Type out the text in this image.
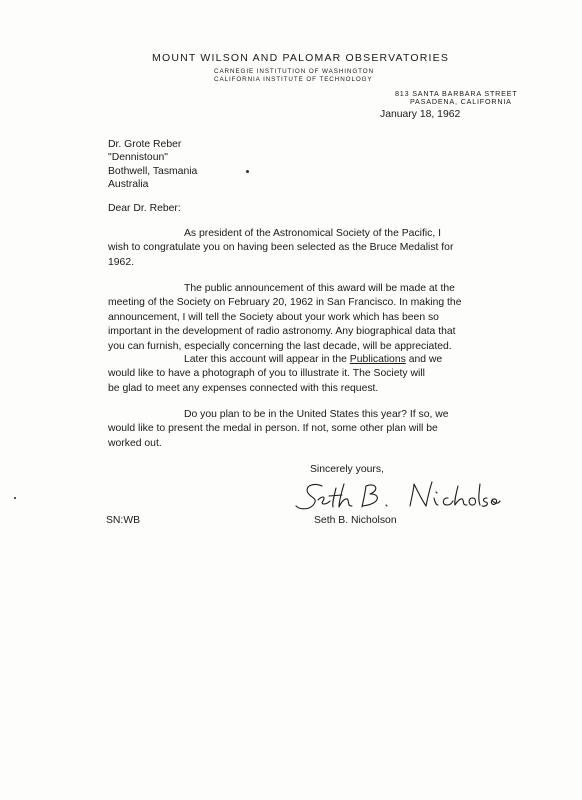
MOUNT WILSON AND PALOMAR OBSERVATORIES
CARNEGIE INSTITUTION OF WASHINGTON
CALIFORNIA INSTITUTE OF TECHNOLOGY
813 SANTA BARBARA STREET
PASADENA, CALIFORNIA
January 18, 1962
Dr. Grote Reber
"Dennistoun"
Bothwell, Tasmania
Australia
Dear Dr. Reber:
As president of the Astronomical Society of the Pacific, I
wish to congratulate you on having been selected as the Bruce Medalist for
1962.
The public announcement of this award will be made at the
meeting of the Society on February 20, 1962 in San Francisco. In making the
announcement, I will tell the Society about your work which has been so
important in the development of radio astronomy. Any biographical data that
you can furnish, especially concerning the last decade, will be appreciated.
Later this account will appear in the Publications and we
would like to have a photograph of you to illustrate it. The Society will
be glad to meet any expenses connected with this request.
Do you plan to be in the United States this year? If so, we
would like to present the medal in person. If not, some other plan will be
worked out.
Sincerely yours,
Seth B. Nicholson
SN:WB
